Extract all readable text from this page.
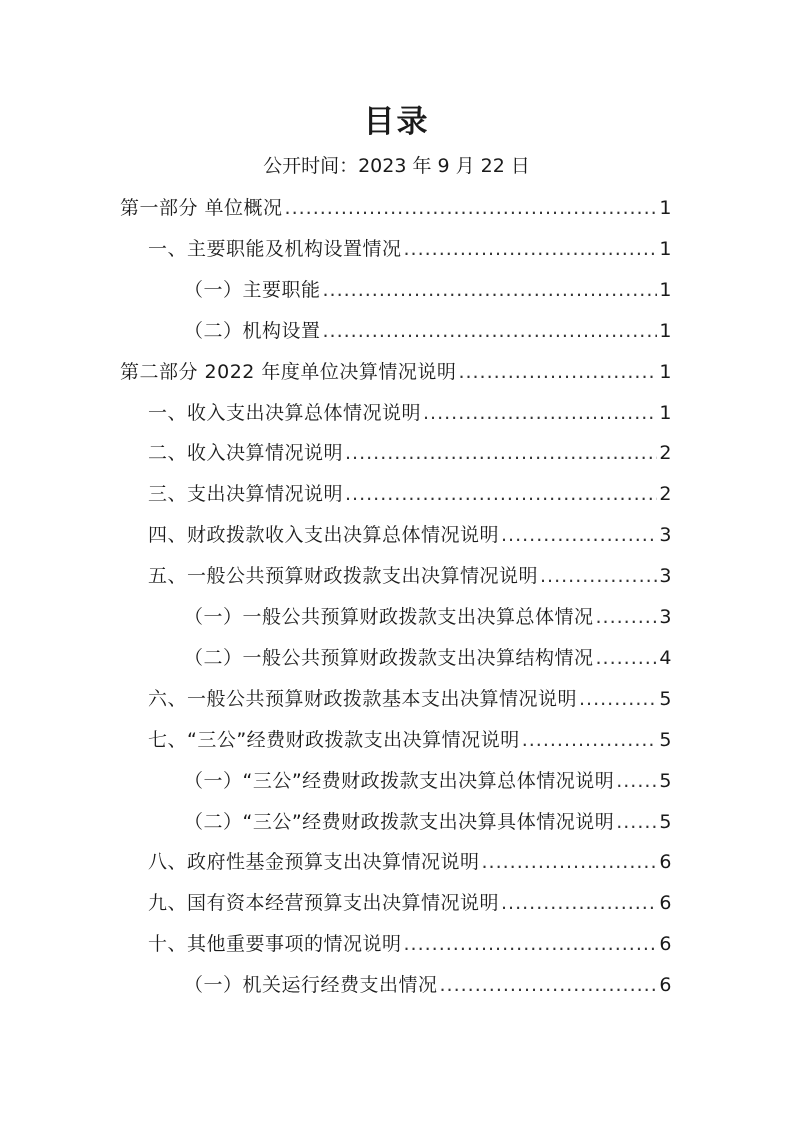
目录
公开时间：2023 年 9 月 22 日
第一部分 单位概况 .....	1
一、主要职能及机构设置情况 .....	1
（一）主要职能 .....	1
（二）机构设置 .....	1
第二部分 2022 年度单位决算情况说明 .....	1
一、收入支出决算总体情况说明 .....	1
二、收入决算情况说明 .....	2
三、支出决算情况说明 .....	2
四、财政拨款收入支出决算总体情况说明 .....	3
五、一般公共预算财政拨款支出决算情况说明 .....	3
（一）一般公共预算财政拨款支出决算总体情况 .....	3
（二）一般公共预算财政拨款支出决算结构情况 .....	4
六、一般公共预算财政拨款基本支出决算情况说明 .....	5
七、“三公”经费财政拨款支出决算情况说明 .....	5
（一）“三公”经费财政拨款支出决算总体情况说明 ..... 5
（二）“三公”经费财政拨款支出决算具体情况说明 ..... 5
八、政府性基金预算支出决算情况说明 .....	6
九、国有资本经营预算支出决算情况说明 .....	6
十、其他重要事项的情况说明 .....	6
（一）机关运行经费支出情况 .....	6
